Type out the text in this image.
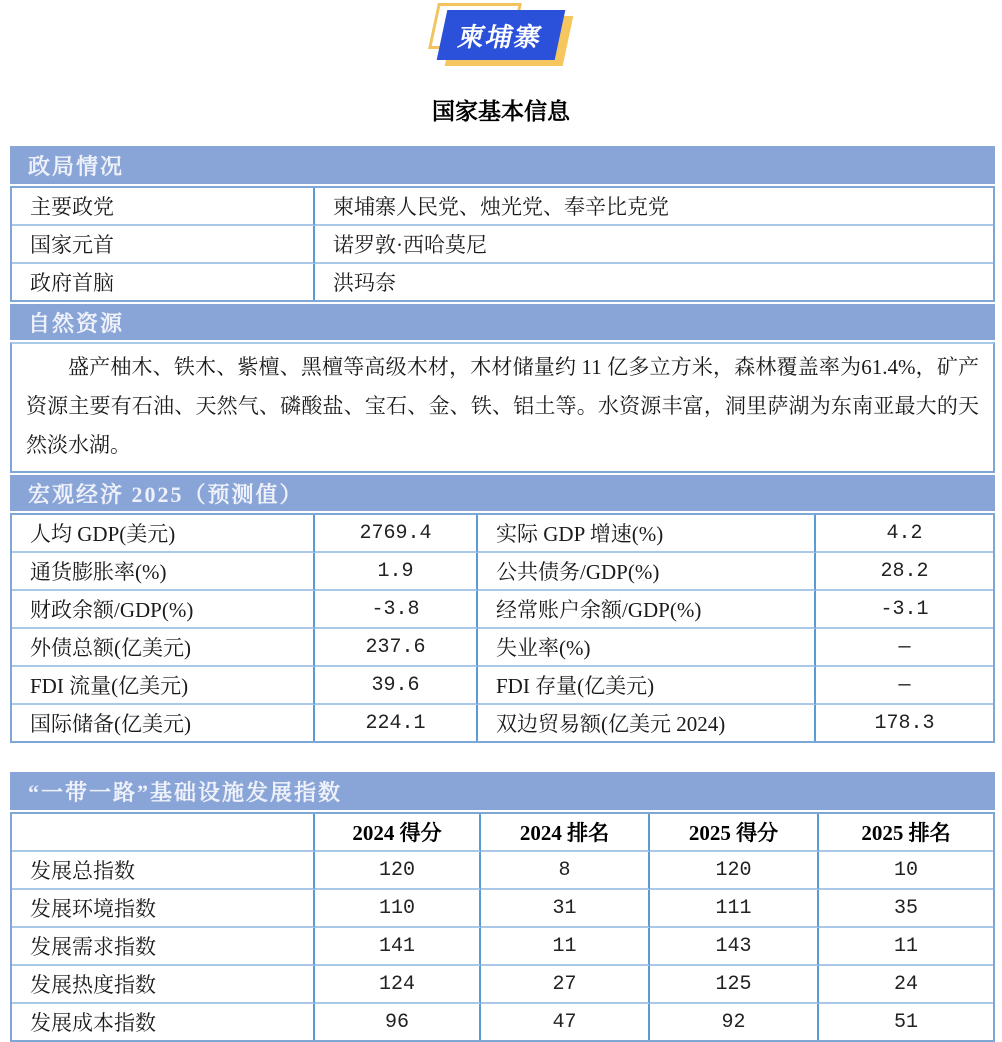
柬埔寨
国家基本信息
政局情况
主要政党	柬埔寨人民党、烛光党、奉辛比克党
国家元首	诺罗敦·西哈莫尼
政府首脑	洪玛奈
自然资源

盛产柚木、铁木、紫檀、黑檀等高级木材，木材储量约 11 亿多立方米，森林覆盖率为61.4%，矿产资源主要有石油、天然气、磷酸盐、宝石、金、铁、铝土等。水资源丰富，洞里萨湖为东南亚最大的天然淡水湖。

宏观经济 2025（预测值）
人均 GDP(美元)	2769.4	实际 GDP 增速(%)	4.2
通货膨胀率(%)	1.9	公共债务/GDP(%)	28.2
财政余额/GDP(%)	-3.8	经常账户余额/GDP(%)	-3.1
外债总额(亿美元)	237.6	失业率(%)	—
FDI 流量(亿美元)	39.6	FDI 存量(亿美元)	—
国际储备(亿美元)	224.1	双边贸易额(亿美元 2024)	178.3
“一带一路”基础设施发展指数
	2024 得分	2024 排名	2025 得分	2025 排名
发展总指数	120	8	120	10
发展环境指数	110	31	111	35
发展需求指数	141	11	143	11
发展热度指数	124	27	125	24
发展成本指数	96	47	92	51
